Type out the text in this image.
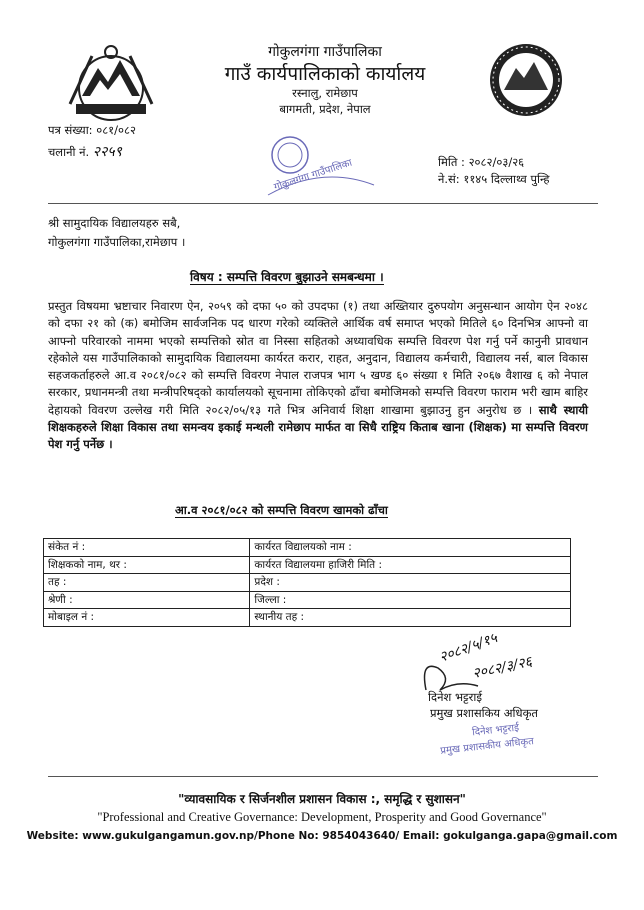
गोकुलगंगा गाउँपालिका
गाउँ कार्यपालिकाको कार्यालय
रस्नालु, रामेछाप
बागमती, प्रदेश, नेपाल
पत्र संख्या: ०८१/०८२
चलानी नं. २२५९
गोकुलगंगा गाउँपालिका	मिति : २०८२/०३/२६
ने.सं: ११४५ दिल्लाथ्व पुन्हि
श्री सामुदायिक विद्यालयहरु सबै,
गोकुलगंगा गाउँपालिका,रामेछाप ।
विषय : सम्पत्ति विवरण बुझाउने समबन्धमा ।
प्रस्तुत विषयमा भ्रष्टाचार निवारण ऐन, २०५९ को दफा ५० को उपदफा (१) तथा अख्तियार दुरुपयोग अनुसन्धान आयोग ऐन २०४८ को दफा २१ को (क) बमोजिम सार्वजनिक पद धारण गरेको व्यक्तिले आर्थिक वर्ष समाप्त भएको मितिले ६० दिनभित्र आफ्नो वा आफ्नो परिवारको नाममा भएको सम्पत्तिको स्रोत वा निस्सा सहितको अध्यावधिक सम्पत्ति विवरण पेश गर्नु पर्ने कानुनी प्रावधान रहेकोले यस गाउँपालिकाको सामुदायिक विद्यालयमा कार्यरत करार, राहत, अनुदान, विद्यालय कर्मचारी, विद्यालय नर्स, बाल विकास सहजकर्ताहरुले आ.व २०८१/०८२ को सम्पत्ति विवरण नेपाल राजपत्र भाग ५ खण्ड ६० संख्या १ मिति २०६७ वैशाख ६ को नेपाल सरकार, प्रधानमन्त्री तथा मन्त्रीपरिषद्को कार्यालयको सूचनामा तोकिएको ढाँचा बमोजिमको सम्पत्ति विवरण फाराम भरी खाम बाहिर देहायको विवरण उल्लेख गरी मिति २०८२/०५/१३ गते भित्र अनिवार्य शिक्षा शाखामा बुझाउनु हुन अनुरोध छ । साथै स्थायी शिक्षकहरुले शिक्षा विकास तथा समन्वय इकाई मन्थली रामेछाप मार्फत वा सिधै राष्ट्रिय किताब खाना (शिक्षक) मा सम्पत्ति विवरण पेश गर्नु पर्नेछ ।
आ.व २०८१/०८२ को सम्पत्ति विवरण खामको ढाँचा
संकेत नं :	कार्यरत विद्यालयको नाम :
शिक्षकको नाम, थर :	कार्यरत विद्यालयमा हाजिरी मिति :
तह :	प्रदेश :
श्रेणी :	जिल्ला :
मोबाइल नं :	स्थानीय तह :
२०८२/५/१५
२०८२/३/२६
दिनेश भट्टराई
प्रमुख प्रशासकिय अधिकृत
दिनेश भट्टराई
प्रमुख प्रशासकीय अधिकृत
"व्यावसायिक र सिर्जनशील प्रशासन विकास :, समृद्धि र सुशासन"
"Professional and Creative Governance: Development, Prosperity and Good Governance"
Website: www.gukulgangamun.gov.np/Phone No: 9854043640/ Email: gokulganga.gapa@gmail.com
